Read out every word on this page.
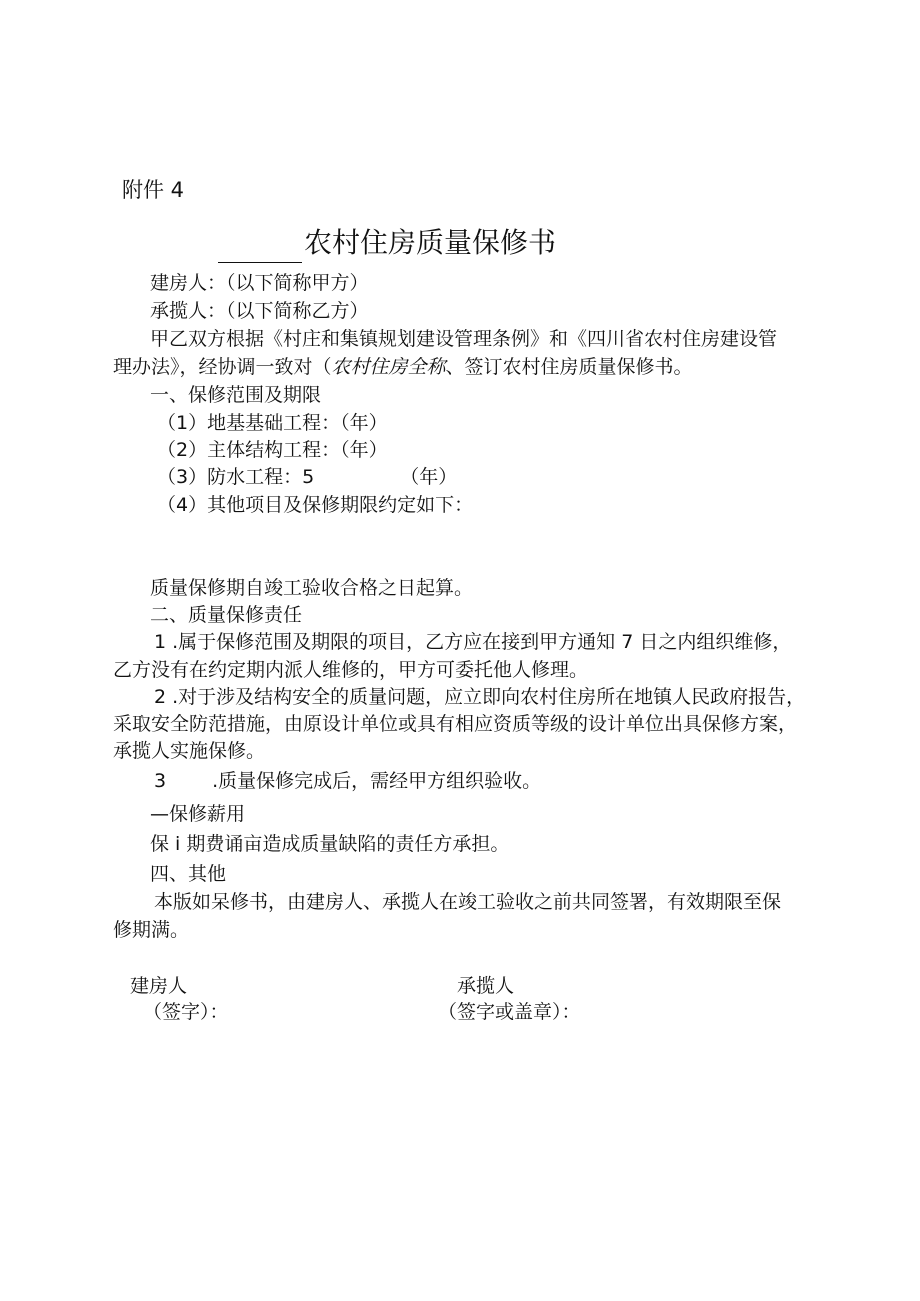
附件 4
农村住房质量保修书
建房人：（以下简称甲方）
承揽人：（以下简称乙方）
甲乙双方根据《村庄和集镇规划建设管理条例》和《四川省农村住房建设管
理办法》，经协调一致对（农村住房全称、签订农村住房质量保修书。
一、保修范围及期限
（1）地基基础工程：（年）
（2）主体结构工程：（年）
（3）防水工程：5	（年）
（4）其他项目及保修期限约定如下：
质量保修期自竣工验收合格之日起算。
二、质量保修责任
1 .属于保修范围及期限的项目，乙方应在接到甲方通知 7 日之内组织维修，
乙方没有在约定期内派人维修的，甲方可委托他人修理。
2 .对于涉及结构安全的质量问题，应立即向农村住房所在地镇人民政府报告，
采取安全防范措施，由原设计单位或具有相应资质等级的设计单位出具保修方案，
承揽人实施保修。
3 .质量保修完成后，需经甲方组织验收。
—保修薪用
保 i 期费诵亩造成质量缺陷的责任方承担。
四、其他
本版如呆修书，由建房人、承揽人在竣工验收之前共同签署，有效期限至保
修期满。
建房人	承揽人
（签字）：	（签字或盖章）：
